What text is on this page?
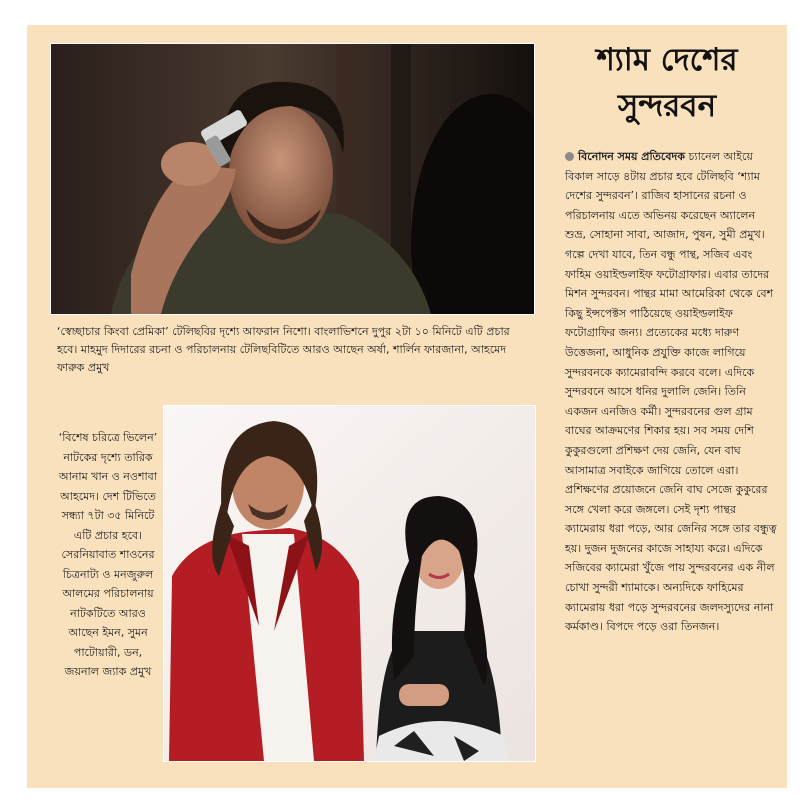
‘স্বেচ্ছাচার কিংবা প্রেমিকা’ টেলিছবির দৃশ্যে আফরান নিশো। বাংলাভিশনে দুপুর ২টা ১০ মিনিটে এটি প্রচার হবে। মাহমুদ দিদারের রচনা ও পরিচালনায় টেলিছবিটিতে আরও আছেন অর্ষা, শার্লিন ফারজানা, আহমেদ ফারুক প্রমুখ

‘বিশেষ চরিত্রে ভিলেন’ নাটকের দৃশ্যে তারিক আনাম খান ও নওশাবা আহমেদ। দেশ টিভিতে সন্ধ্যা ৭টা ৩৫ মিনিটে এটি প্রচার হবে। সেরনিয়াবাত শাওনের চিত্রনাট্য ও মনজুরুল আলমের পরিচালনায় নাটকটিতে আরও আছেন ইমন, সুমন পাটোয়ারী, ডন, জয়নাল জ্যাক প্রমুখ

শ্যাম দেশের সুন্দরবন

বিনোদন সময় প্রতিবেদক চ্যানেল আইয়ে বিকাল সাড়ে ৪টায় প্রচার হবে টেলিছবি ‘শ্যাম দেশের সুন্দরবন’। রাজিব হাসানের রচনা ও পরিচালনায় এতে অভিনয় করেছেন অ্যালেন শুভ্র, সোহানা সাবা, আজাদ, পুষন, সুমী প্রমুখ। গল্পে দেখা যাবে, তিন বন্ধু পান্থ, সজিব এবং ফাহিম ওয়াইল্ডলাইফ ফটোগ্রাফার। এবার তাদের মিশন সুন্দরবন। পান্থর মামা আমেরিকা থেকে বেশ কিছু ইন্সপেক্টস পাঠিয়েছে ওয়াইল্ডলাইফ ফটোগ্রাফির জন্য। প্রত্যেকের মধ্যে দারুণ উত্তেজনা, আধুনিক প্রযুক্তি কাজে লাগিয়ে সুন্দরবনকে ক্যামেরাবন্দি করবে বলে। এদিকে সুন্দরবনে আসে ধনির দুলালি জেনি। তিনি একজন এনজিও কর্মী। সুন্দরবনের গুল গ্রাম বাঘের আক্রমণের শিকার হয়। সব সময় দেশি কুকুরগুলো প্রশিক্ষণ দেয় জেনি, যেন বাঘ আসামাত্র সবাইকে জাগিয়ে তোলে এরা। প্রশিক্ষণের প্রয়োজনে জেনি বাঘ সেজে কুকুরের সঙ্গে খেলা করে জঙ্গলে। সেই দৃশ্য পান্থর ক্যামেরায় ধরা পড়ে, আর জেনির সঙ্গে তার বন্ধুত্ব হয়। দুজন দুজনের কাজে সাহায্য করে। এদিকে সজিবের ক্যামেরা খুঁজে পায় সুন্দরবনের এক নীল চোখা সুন্দরী শ্যামাকে। অন্যদিকে ফাহিমের ক্যামেরায় ধরা পড়ে সুন্দরবনের জলদস্যুদের নানা কর্মকাণ্ড। বিপদে পড়ে ওরা তিনজন।
